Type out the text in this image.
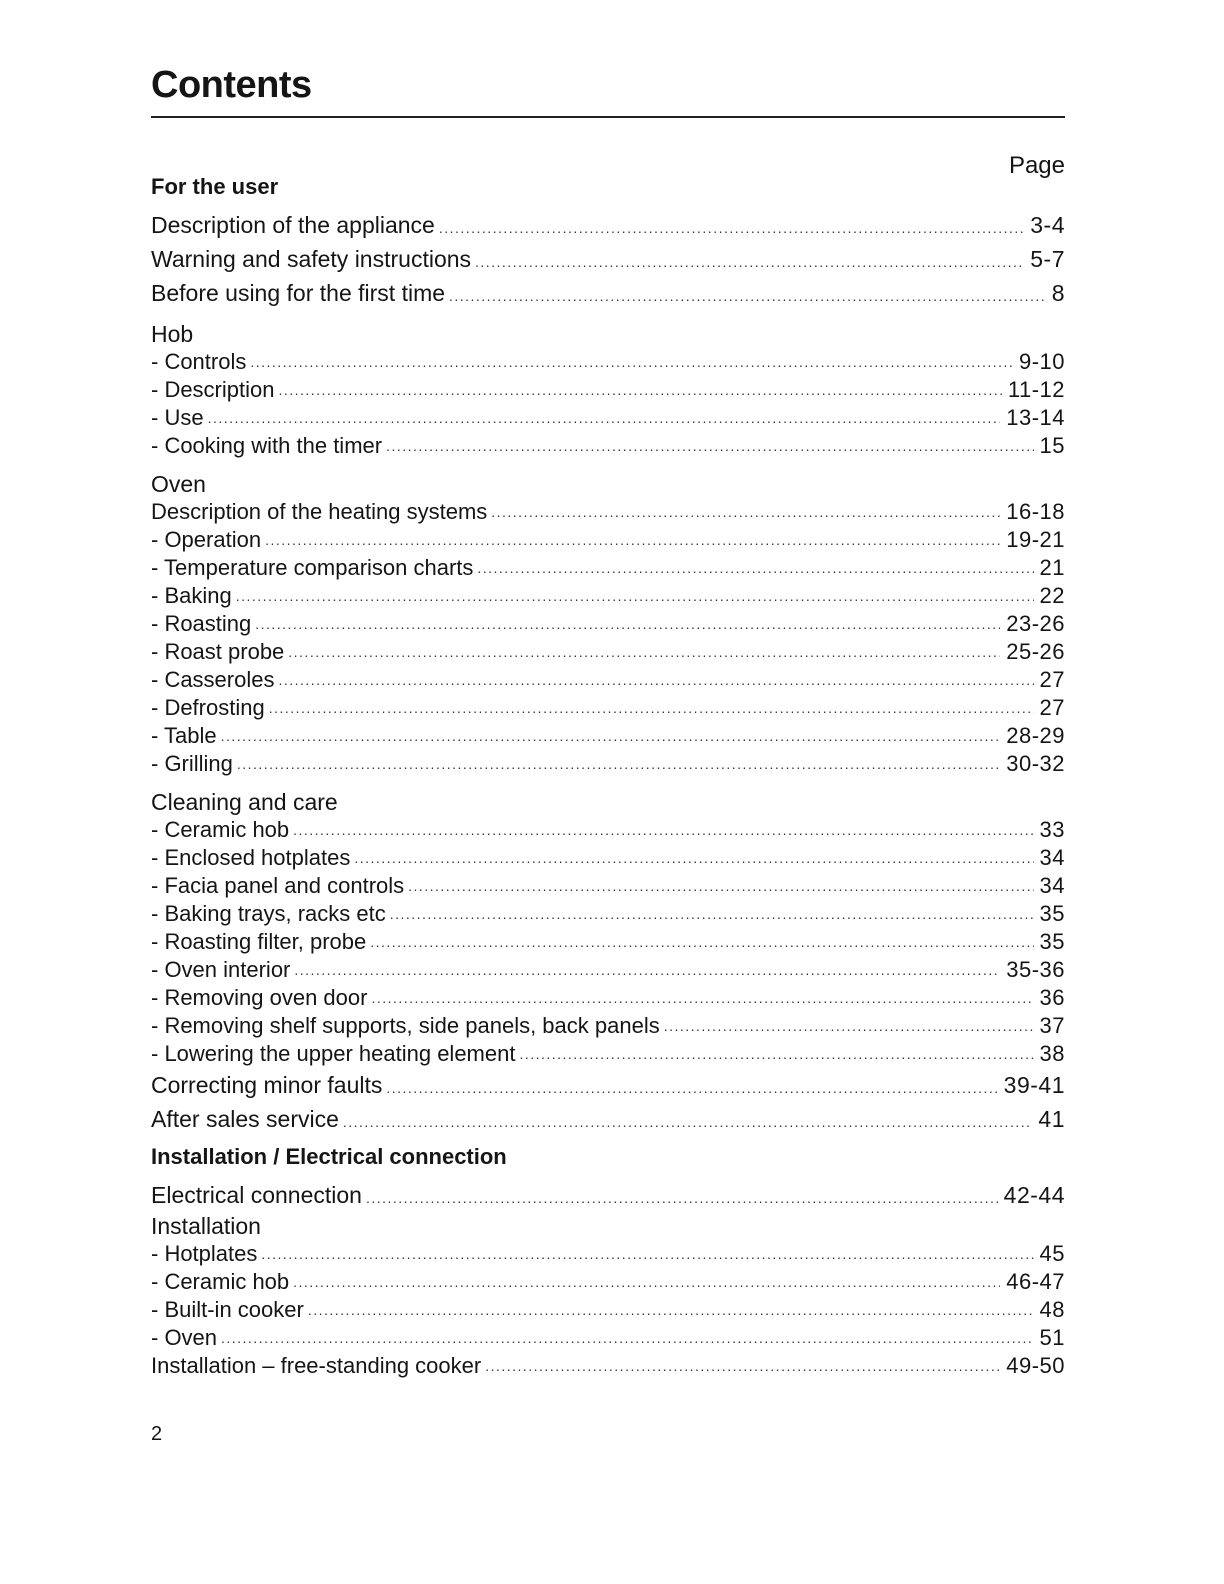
Contents
Page
For the user
Description of the appliance . . .	3-4
Warning and safety instructions . . .	5-7
Before using for the first time . . .	8
Hob
- Controls . . .	9-10
- Description . . .	11-12
- Use . . .	13-14
- Cooking with the timer . . .	15
Oven
Description of the heating systems . . .	16-18
- Operation . . .	19-21
- Temperature comparison charts . . .	21
- Baking . . .	22
- Roasting . . .	23-26
- Roast probe . . .	25-26
- Casseroles . . .	27
- Defrosting . . .	27
- Table . . .	28-29
- Grilling . . .	30-32
Cleaning and care
- Ceramic hob . . .	33
- Enclosed hotplates . . .	34
- Facia panel and controls . . .	34
- Baking trays, racks etc . . .	35
- Roasting filter, probe . . .	35
- Oven interior . . .	35-36
- Removing oven door . . .	36
- Removing shelf supports, side panels, back panels . . .	37
- Lowering the upper heating element . . .	38
Correcting minor faults . . .	39-41
After sales service . . .	41
Installation / Electrical connection
Electrical connection . . .	42-44
Installation
- Hotplates . . .	45
- Ceramic hob . . .	46-47
- Built-in cooker . . .	48
- Oven . . .	51
Installation – free-standing cooker . . .	49-50
2
